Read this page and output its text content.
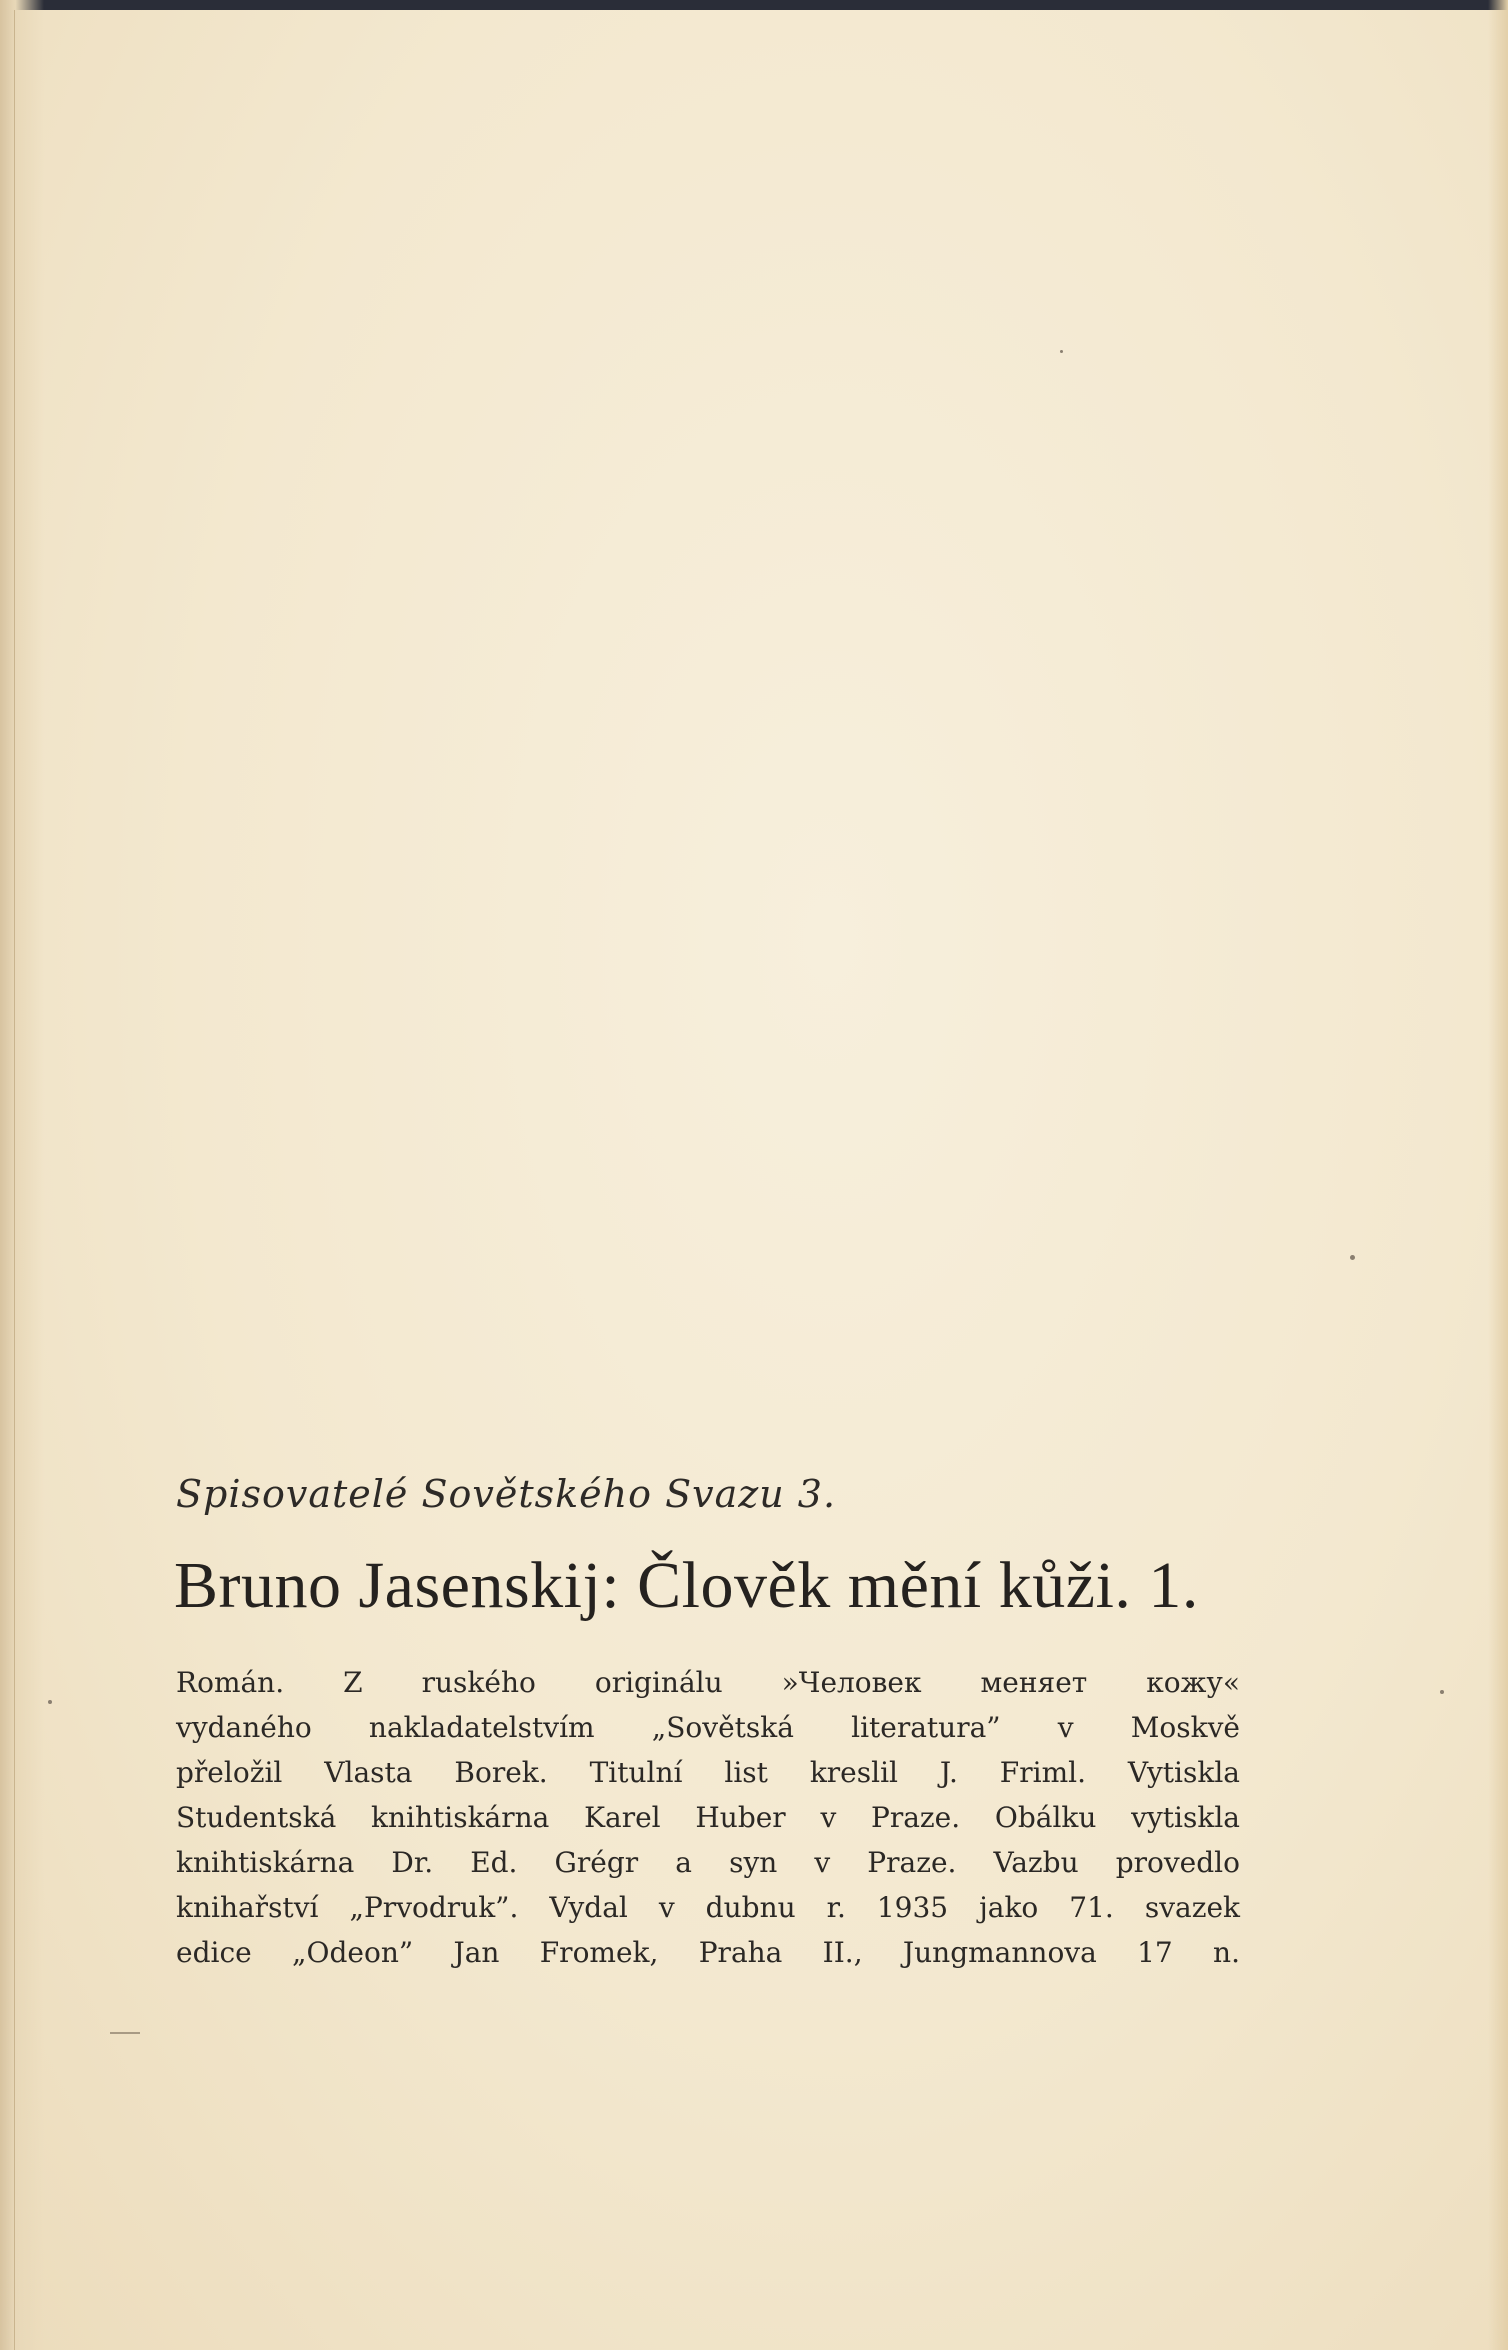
Spisovatelé Sovětského Svazu 3.
Bruno Jasenskij: Člověk mění kůži. 1.
Román. Z ruského originálu »Человек меняет кожу«
vydaného nakladatelstvím „Sovětská literatura” v Moskvě
přeložil Vlasta Borek. Titulní list kreslil J. Friml. Vytiskla
Studentská knihtiskárna Karel Huber v Praze. Obálku vytiskla
knihtiskárna Dr. Ed. Grégr a syn v Praze. Vazbu provedlo
knihařství „Prvodruk”. Vydal v dubnu r. 1935 jako 71. svazek
edice „Odeon” Jan Fromek, Praha II., Jungmannova 17 n.
